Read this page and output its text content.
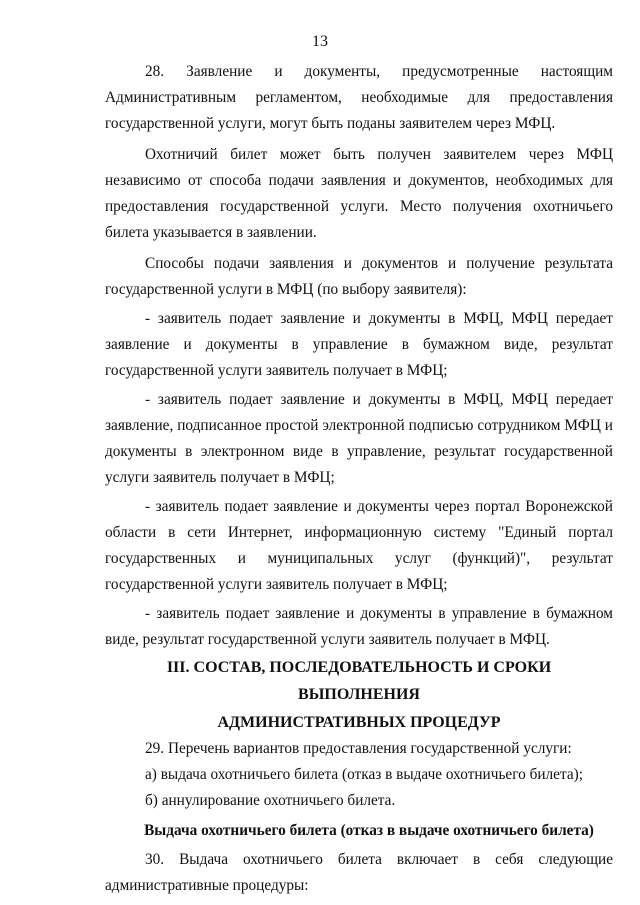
13

28. Заявление и документы, предусмотренные настоящим Административным регламентом, необходимые для предоставления государственной услуги, могут быть поданы заявителем через МФЦ.

Охотничий билет может быть получен заявителем через МФЦ независимо от способа подачи заявления и документов, необходимых для предоставления государственной услуги. Место получения охотничьего билета указывается в заявлении.

Способы подачи заявления и документов и получение результата государственной услуги в МФЦ (по выбору заявителя):

- заявитель подает заявление и документы в МФЦ, МФЦ передает заявление и документы в управление в бумажном виде, результат государственной услуги заявитель получает в МФЦ;

- заявитель подает заявление и документы в МФЦ, МФЦ передает заявление, подписанное простой электронной подписью сотрудником МФЦ и документы в электронном виде в управление, результат государственной услуги заявитель получает в МФЦ;

- заявитель подает заявление и документы через портал Воронежской области в сети Интернет, информационную систему "Единый портал государственных и муниципальных услуг (функций)", результат государственной услуги заявитель получает в МФЦ;

- заявитель подает заявление и документы в управление в бумажном виде, результат государственной услуги заявитель получает в МФЦ.

III. СОСТАВ, ПОСЛЕДОВАТЕЛЬНОСТЬ И СРОКИ ВЫПОЛНЕНИЯ
АДМИНИСТРАТИВНЫХ ПРОЦЕДУР

29. Перечень вариантов предоставления государственной услуги:

а) выдача охотничьего билета (отказ в выдаче охотничьего билета);

б) аннулирование охотничьего билета.

Выдача охотничьего билета (отказ в выдаче охотничьего билета)

30. Выдача охотничьего билета включает в себя следующие административные процедуры:
